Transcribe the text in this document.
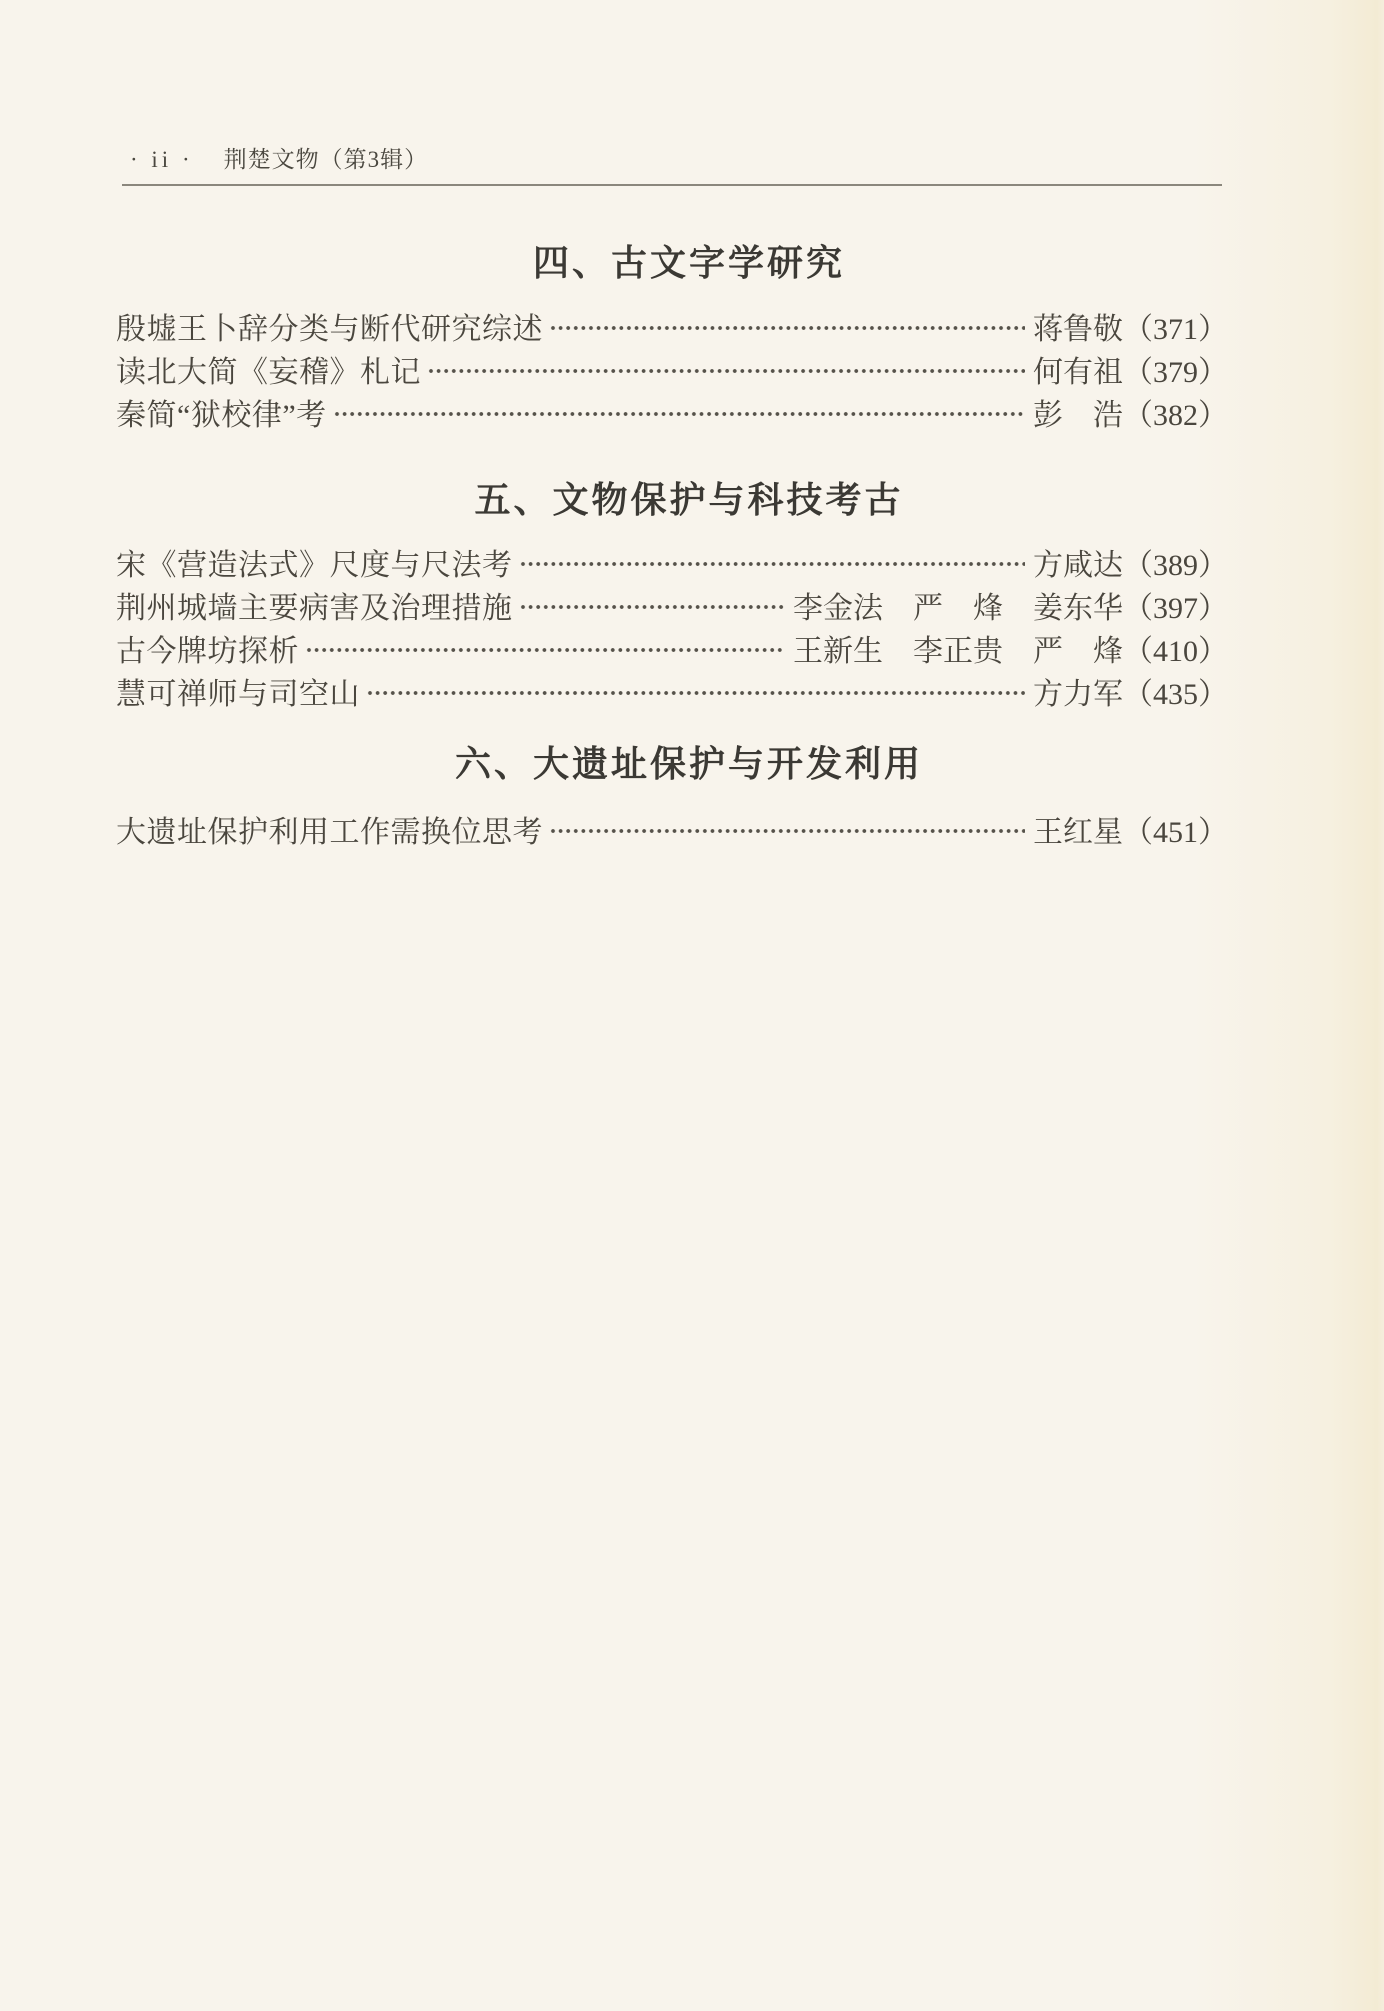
· ii · 荆楚文物（第3辑）
四、古文字学研究
殷墟王卜辞分类与断代研究综述	蒋鲁敬 （371）
读北大简《妄稽》札记	何有祖 （379）
秦简“狱校律”考	彭　浩 （382）
五、文物保护与科技考古
宋《营造法式》尺度与尺法考	方咸达 （389）
荆州城墙主要病害及治理措施	李金法　严　烽　姜东华 （397）
古今牌坊探析	王新生　李正贵　严　烽 （410）
慧可禅师与司空山	方力军 （435）
六、大遗址保护与开发利用
大遗址保护利用工作需换位思考	王红星 （451）
